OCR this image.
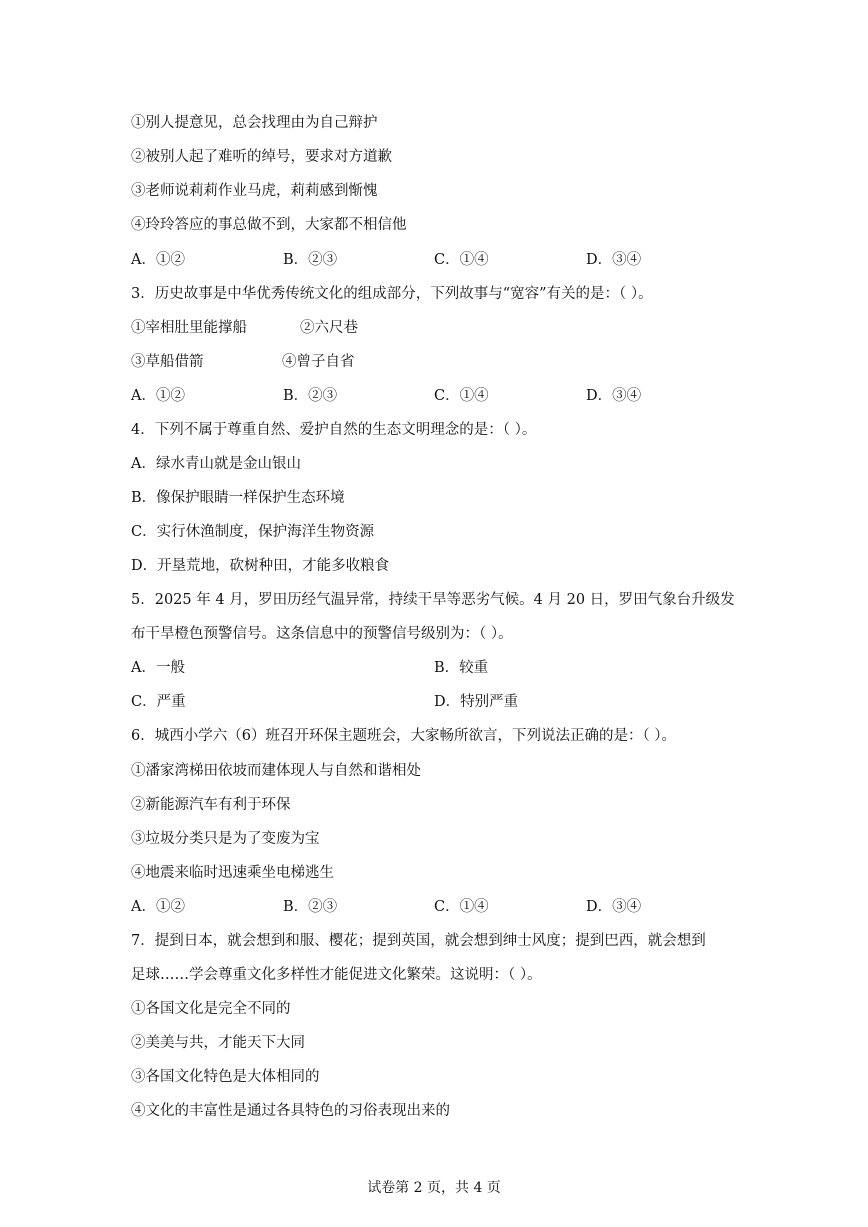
①别人提意见，总会找理由为自己辩护
②被别人起了难听的绰号，要求对方道歉
③老师说莉莉作业马虎，莉莉感到惭愧
④玲玲答应的事总做不到，大家都不相信他
A．①②	B．②③	C．①④	D．③④
3．历史故事是中华优秀传统文化的组成部分，下列故事与“宽容”有关的是：（ ）。
①宰相肚里能撑船	②六尺巷
③草船借箭	④曾子自省
A．①②	B．②③	C．①④	D．③④
4．下列不属于尊重自然、爱护自然的生态文明理念的是：（ ）。
A．绿水青山就是金山银山
B．像保护眼睛一样保护生态环境
C．实行休渔制度，保护海洋生物资源
D．开垦荒地，砍树种田，才能多收粮食
5．2025 年 4 月，罗田历经气温异常，持续干旱等恶劣气候。4 月 20 日，罗田气象台升级发
布干旱橙色预警信号。这条信息中的预警信号级别为：（ ）。
A．一般	B．较重
C．严重	D．特别严重
6．城西小学六（6）班召开环保主题班会，大家畅所欲言，下列说法正确的是：（ ）。
①潘家湾梯田依坡而建体现人与自然和谐相处
②新能源汽车有利于环保
③垃圾分类只是为了变废为宝
④地震来临时迅速乘坐电梯逃生
A．①②	B．②③	C．①④	D．③④
7．提到日本，就会想到和服、樱花；提到英国，就会想到绅士风度；提到巴西，就会想到
足球……学会尊重文化多样性才能促进文化繁荣。这说明：（ ）。
①各国文化是完全不同的
②美美与共，才能天下大同
③各国文化特色是大体相同的
④文化的丰富性是通过各具特色的习俗表现出来的
试卷第 2 页，共 4 页
